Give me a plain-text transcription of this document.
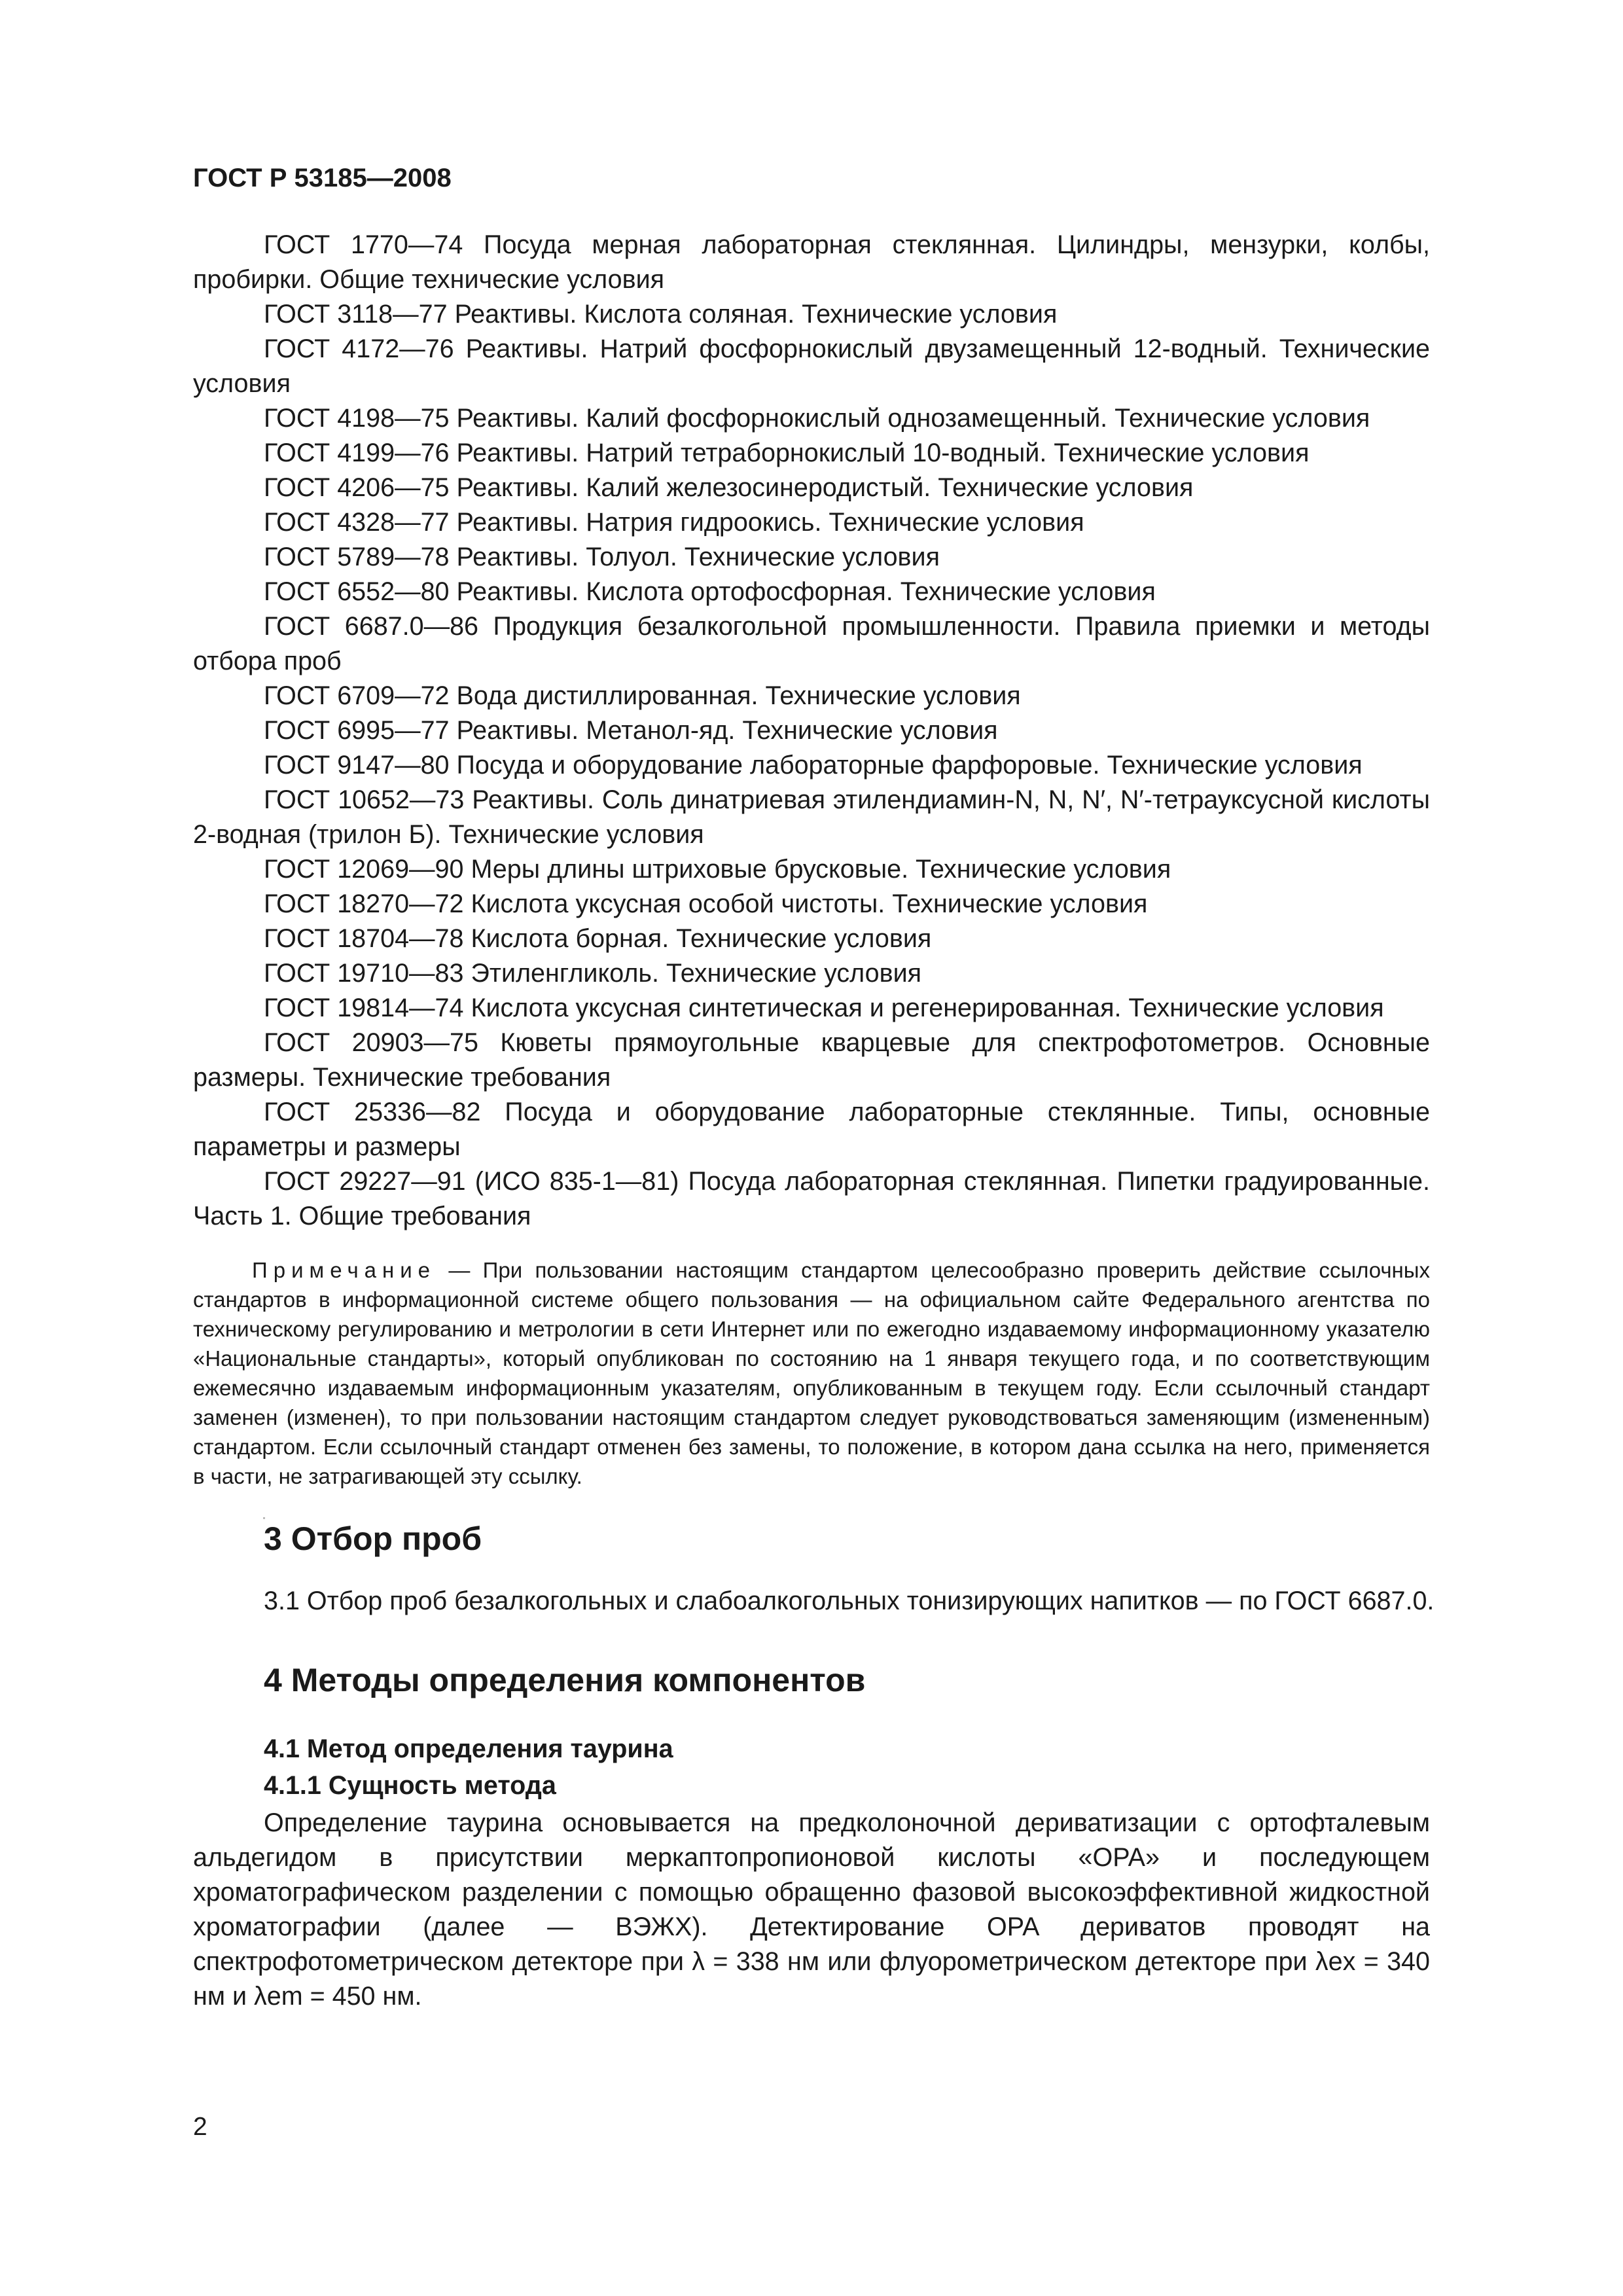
ГОСТ Р 53185—2008

ГОСТ 1770—74 Посуда мерная лабораторная стеклянная. Цилиндры, мензурки, колбы, пробирки. Общие технические условия

ГОСТ 3118—77 Реактивы. Кислота соляная. Технические условия

ГОСТ 4172—76 Реактивы. Натрий фосфорнокислый двузамещенный 12-водный. Технические условия

ГОСТ 4198—75 Реактивы. Калий фосфорнокислый однозамещенный. Технические условия

ГОСТ 4199—76 Реактивы. Натрий тетраборнокислый 10-водный. Технические условия

ГОСТ 4206—75 Реактивы. Калий железосинеродистый. Технические условия

ГОСТ 4328—77 Реактивы. Натрия гидроокись. Технические условия

ГОСТ 5789—78 Реактивы. Толуол. Технические условия

ГОСТ 6552—80 Реактивы. Кислота ортофосфорная. Технические условия

ГОСТ 6687.0—86 Продукция безалкогольной промышленности. Правила приемки и методы отбора проб

ГОСТ 6709—72 Вода дистиллированная. Технические условия

ГОСТ 6995—77 Реактивы. Метанол-яд. Технические условия

ГОСТ 9147—80 Посуда и оборудование лабораторные фарфоровые. Технические условия

ГОСТ 10652—73 Реактивы. Соль динатриевая этилендиамин-N, N, N′, N′-тетрауксусной кислоты 2-водная (трилон Б). Технические условия

ГОСТ 12069—90 Меры длины штриховые брусковые. Технические условия

ГОСТ 18270—72 Кислота уксусная особой чистоты. Технические условия

ГОСТ 18704—78 Кислота борная. Технические условия

ГОСТ 19710—83 Этиленгликоль. Технические условия

ГОСТ 19814—74 Кислота уксусная синтетическая и регенерированная. Технические условия

ГОСТ 20903—75 Кюветы прямоугольные кварцевые для спектрофотометров. Основные размеры. Технические требования

ГОСТ 25336—82 Посуда и оборудование лабораторные стеклянные. Типы, основные параметры и размеры

ГОСТ 29227—91 (ИСО 835-1—81) Посуда лабораторная стеклянная. Пипетки градуированные. Часть 1. Общие требования

Примечание — При пользовании настоящим стандартом целесообразно проверить действие ссылочных стандартов в информационной системе общего пользования — на официальном сайте Федерального агентства по техническому регулированию и метрологии в сети Интернет или по ежегодно издаваемому информационному указателю «Национальные стандарты», который опубликован по состоянию на 1 января текущего года, и по соответствующим ежемесячно издаваемым информационным указателям, опубликованным в текущем году. Если ссылочный стандарт заменен (изменен), то при пользовании настоящим стандартом следует руководствоваться заменяющим (измененным) стандартом. Если ссылочный стандарт отменен без замены, то положение, в котором дана ссылка на него, применяется в части, не затрагивающей эту ссылку.

3 Отбор проб

3.1 Отбор проб безалкогольных и слабоалкогольных тонизирующих напитков — по ГОСТ 6687.0.

4 Методы определения компонентов
4.1 Метод определения таурина
4.1.1 Сущность метода

Определение таурина основывается на предколоночной дериватизации с ортофталевым альдегидом в присутствии меркаптопропионовой кислоты «OPA» и последующем хроматографическом разделении с помощью обращенно фазовой высокоэффективной жидкостной хроматографии (далее — ВЭЖХ). Детектирование OPA дериватов проводят на спектрофотометрическом детекторе при λ = 338 нм или флуорометрическом детекторе при λex = 340 нм и λem = 450 нм.

2
